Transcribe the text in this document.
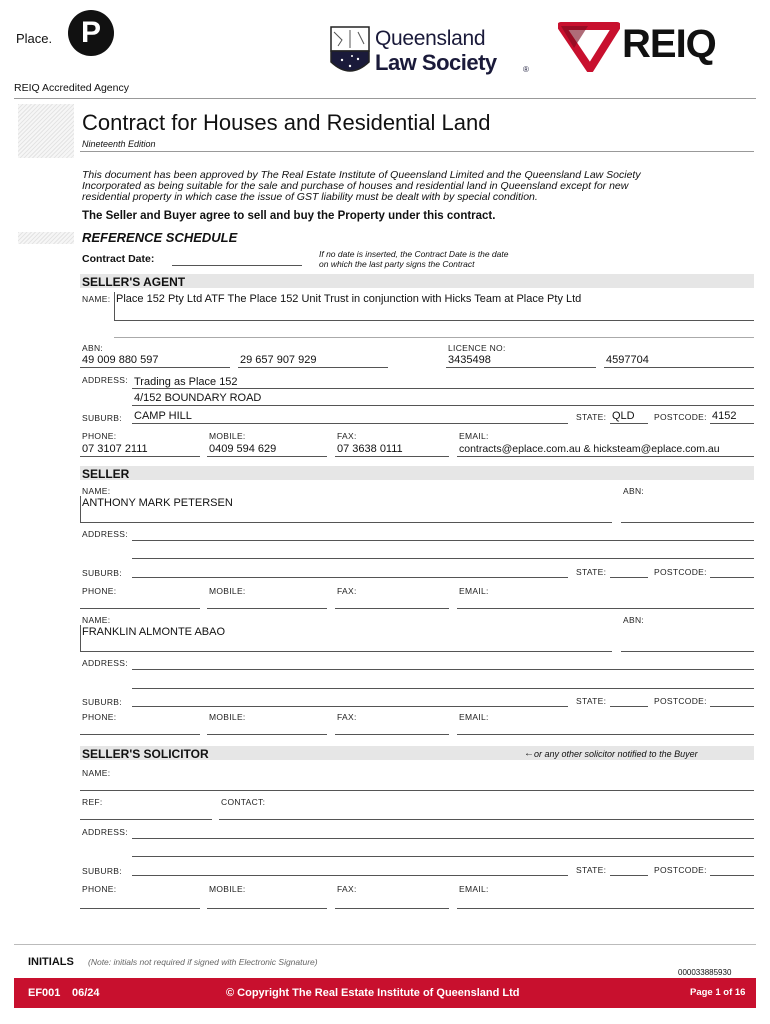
Place. P	Queensland
Law Society	®
REIQ
REIQ Accredited Agency
Contract for Houses and Residential Land
Nineteenth Edition
This document has been approved by The Real Estate Institute of Queensland Limited and the Queensland Law Society
Incorporated as being suitable for the sale and purchase of houses and residential land in Queensland except for new
residential property in which case the issue of GST liability must be dealt with by special condition.
The Seller and Buyer agree to sell and buy the Property under this contract.
REFERENCE SCHEDULE
Contract Date:	If no date is inserted, the Contract Date is the date
on which the last party signs the Contract
SELLER'S AGENT
NAME: Place 152 Pty Ltd ATF The Place 152 Unit Trust in conjunction with Hicks Team at Place Pty Ltd
ABN:
49 009 880 597	29 657 907 929
LICENCE NO:
3435498	4597704
ADDRESS: Trading as Place 152
4/152 BOUNDARY ROAD
SUBURB: CAMP HILL	STATE: QLD POSTCODE: 4152
PHONE:
07 3107 2111
MOBILE:
0409 594 629
FAX:
07 3638 0111
EMAIL:
contracts@eplace.com.au & hicksteam@eplace.com.au
SELLER
NAME:	ABN:
ANTHONY MARK PETERSEN
ADDRESS:
SUBURB:	STATE:	POSTCODE:
PHONE:	MOBILE:	FAX:	EMAIL:
NAME:	ABN:
FRANKLIN ALMONTE ABAO
ADDRESS:
SUBURB:	STATE:	POSTCODE:
PHONE:	MOBILE:	FAX:	EMAIL:
SELLER'S SOLICITOR	← or any other solicitor notified to the Buyer
NAME:
REF:	CONTACT:
ADDRESS:
SUBURB:	STATE:	POSTCODE:
PHONE:	MOBILE:	FAX:	EMAIL:
INITIALS (Note: initials not required if signed with Electronic Signature)
000033885930
EF001 06/24	© Copyright The Real Estate Institute of Queensland Ltd	Page 1 of 16
